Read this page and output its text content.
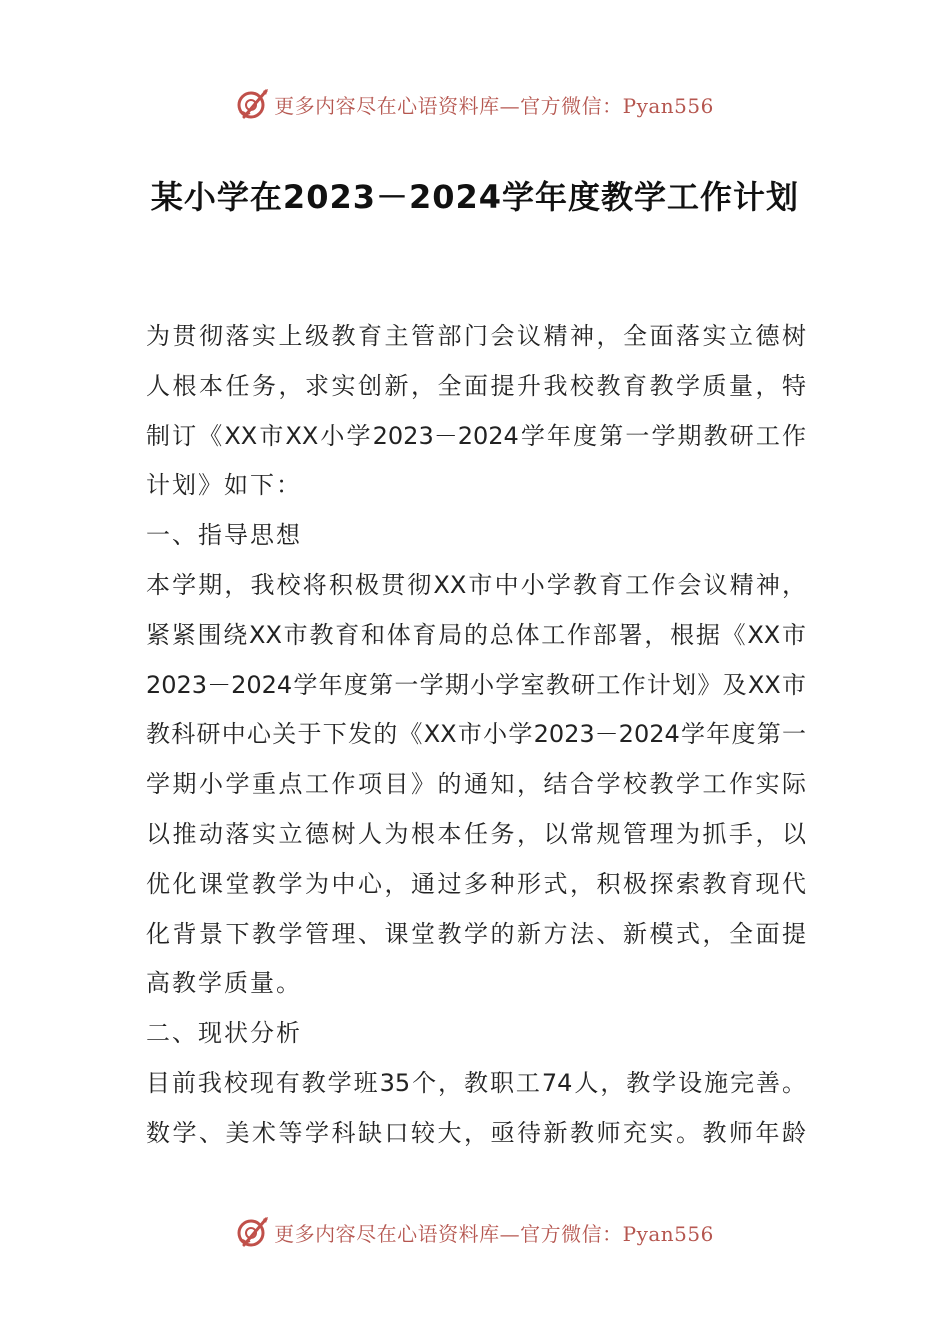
更多内容尽在心语资料库—官方微信：Pyan556
某小学在2023－2024学年度教学工作计划
为贯彻落实上级教育主管部门会议精神，全面落实立德树
人根本任务，求实创新，全面提升我校教育教学质量，特
制订《XX市XX小学2023－2024学年度第一学期教研工作
计划》如下：
一、指导思想
本学期，我校将积极贯彻XX市中小学教育工作会议精神，
紧紧围绕XX市教育和体育局的总体工作部署，根据《XX市
2023－2024学年度第一学期小学室教研工作计划》及XX市
教科研中心关于下发的《XX市小学2023－2024学年度第一
学期小学重点工作项目》的通知，结合学校教学工作实际
以推动落实立德树人为根本任务，以常规管理为抓手，以
优化课堂教学为中心，通过多种形式，积极探索教育现代
化背景下教学管理、课堂教学的新方法、新模式，全面提
高教学质量。
二、现状分析
目前我校现有教学班35个，教职工74人，教学设施完善。
数学、美术等学科缺口较大，亟待新教师充实。教师年龄
更多内容尽在心语资料库—官方微信：Pyan556
